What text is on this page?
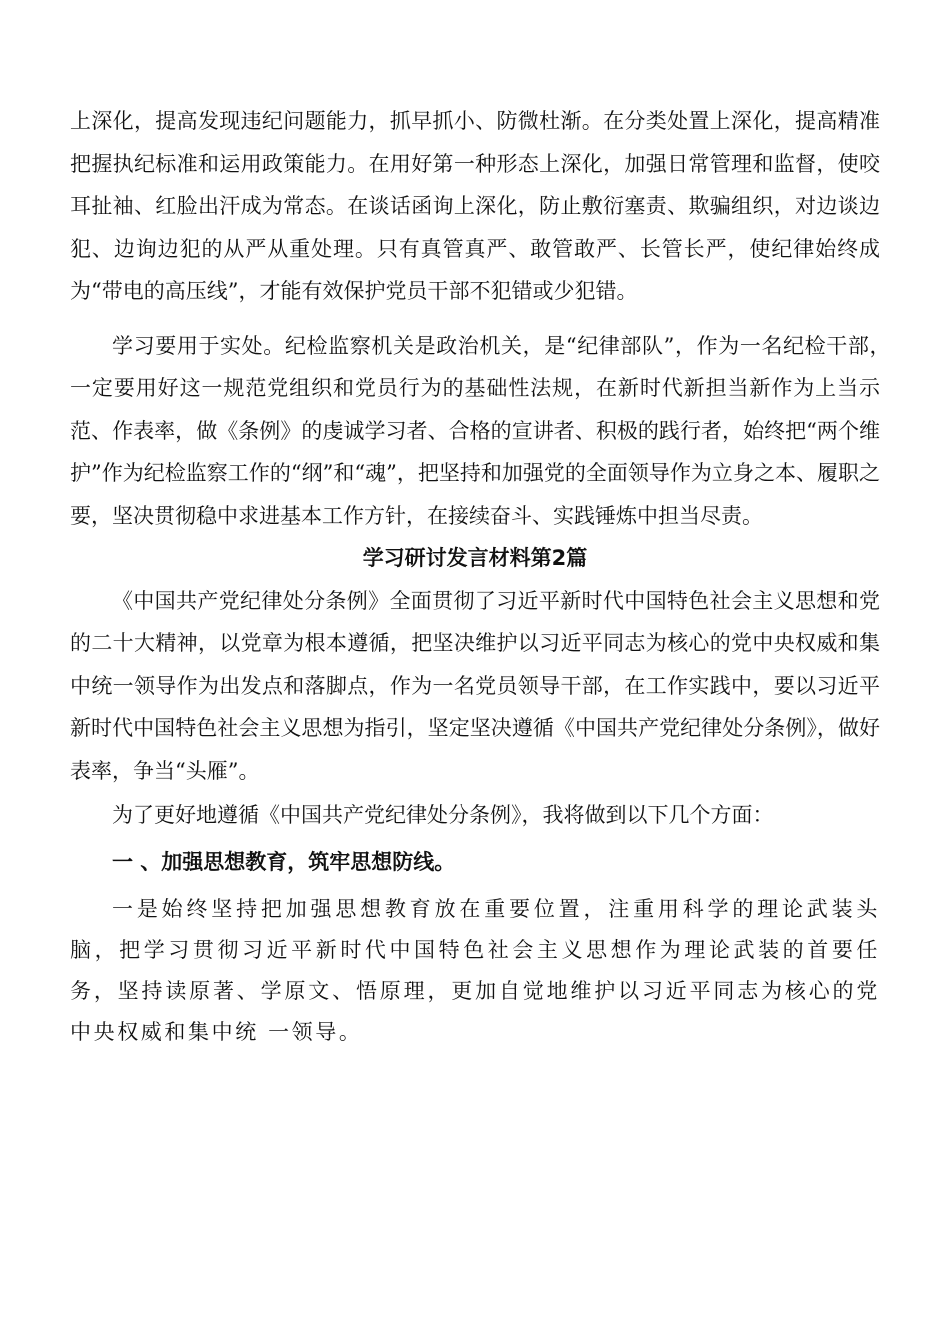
上深化，提高发现违纪问题能力，抓早抓小、防微杜渐。在分类处置上深化，提高精准把握执纪标准和运用政策能力。在用好第一种形态上深化，加强日常管理和监督，使咬耳扯袖、红脸出汗成为常态。在谈话函询上深化，防止敷衍塞责、欺骗组织，对边谈边犯、边询边犯的从严从重处理。只有真管真严、敢管敢严、长管长严，使纪律始终成为“带电的高压线”，才能有效保护党员干部不犯错或少犯错。

学习要用于实处。纪检监察机关是政治机关，是“纪律部队”，作为一名纪检干部，　一定要用好这一规范党组织和党员行为的基础性法规，在新时代新担当新作为上当示范、作表率，做《条例》的虔诚学习者、合格的宣讲者、积极的践行者，始终把“两个维护”作为纪检监察工作的“纲”和“魂”，把坚持和加强党的全面领导作为立身之本、履职之要，坚决贯彻稳中求进基本工作方针，在接续奋斗、实践锤炼中担当尽责。

学习研讨发言材料第2篇

《中国共产党纪律处分条例》全面贯彻了习近平新时代中国特色社会主义思想和党的二十大精神，以党章为根本遵循，把坚决维护以习近平同志为核心的党中央权威和集中统一领导作为出发点和落脚点，作为一名党员领导干部，在工作实践中，要以习近平新时代中国特色社会主义思想为指引，坚定坚决遵循《中国共产党纪律处分条例》，做好表率，争当“头雁”。

为了更好地遵循《中国共产党纪律处分条例》，我将做到以下几个方面：

一 、加强思想教育，筑牢思想防线。

一是始终坚持把加强思想教育放在重要位置，注重用科学的理论武装头脑，把学习贯彻习近平新时代中国特色社会主义思想作为理论武装的首要任务，坚持读原著、学原文、悟原理，更加自觉地维护以习近平同志为核心的党中央权威和集中统 一领导。
